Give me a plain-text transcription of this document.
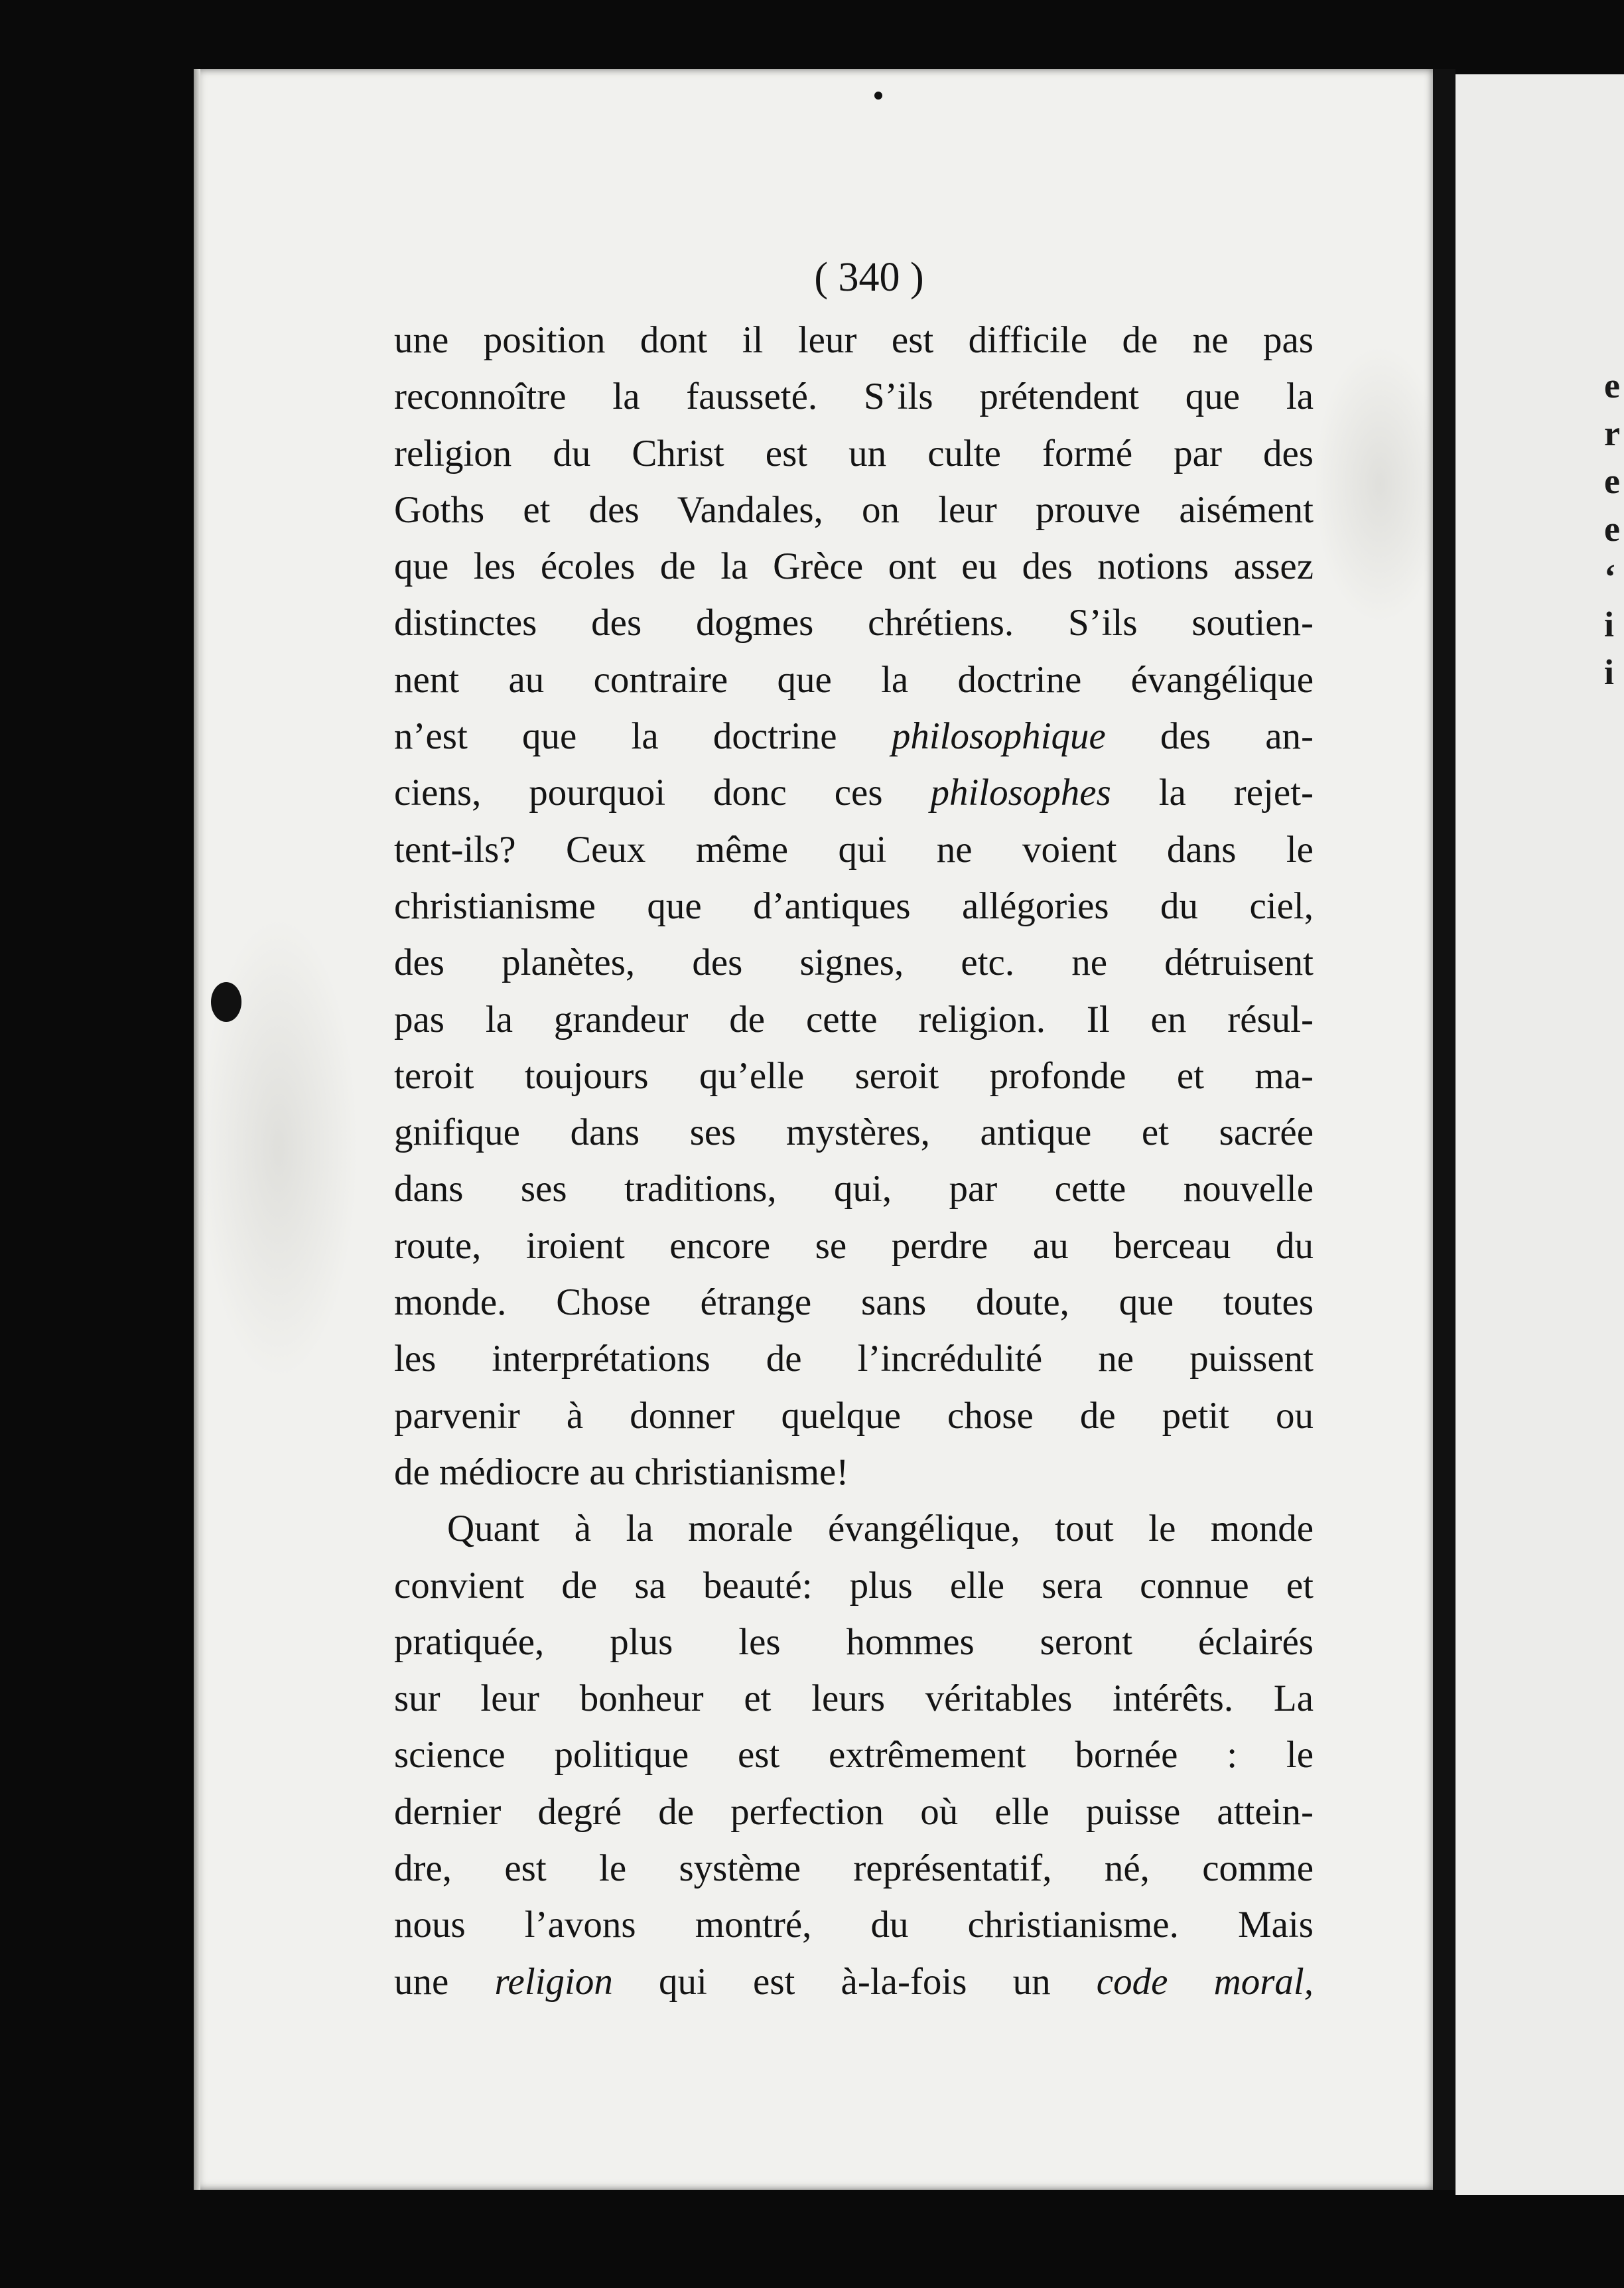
e
r
e
e
‘
i
i
( 340 )
une position dont il leur est difficile de ne pas
reconnoître la fausseté. S’ils prétendent que la
religion du Christ est un culte formé par des
Goths et des Vandales, on leur prouve aisément
que les écoles de la Grèce ont eu des notions assez
distinctes des dogmes chrétiens. S’ils soutien-
nent au contraire que la doctrine évangélique
n’est que la doctrine philosophique des an-
ciens, pourquoi donc ces philosophes la rejet-
tent-ils? Ceux même qui ne voient dans le
christianisme que d’antiques allégories du ciel,
des planètes, des signes, etc. ne détruisent
pas la grandeur de cette religion. Il en résul-
teroit toujours qu’elle seroit profonde et ma-
gnifique dans ses mystères, antique et sacrée
dans ses traditions, qui, par cette nouvelle
route, iroient encore se perdre au berceau du
monde. Chose étrange sans doute, que toutes
les interprétations de l’incrédulité ne puissent
parvenir à donner quelque chose de petit ou
de médiocre au christianisme!
Quant à la morale évangélique, tout le monde
convient de sa beauté: plus elle sera connue et
pratiquée, plus les hommes seront éclairés
sur leur bonheur et leurs véritables intérêts. La
science politique est extrêmement bornée : le
dernier degré de perfection où elle puisse attein-
dre, est le système représentatif, né, comme
nous l’avons montré, du christianisme. Mais
une religion qui est à-la-fois un code moral,
